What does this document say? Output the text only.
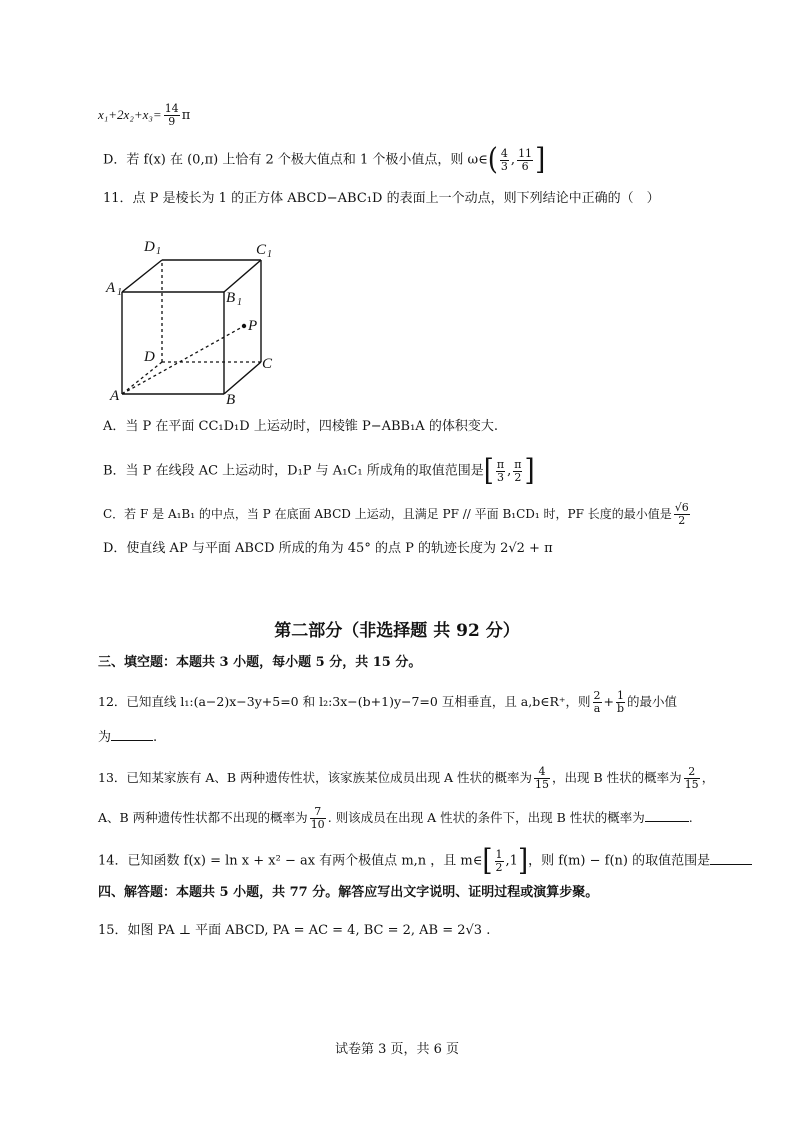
$x_1+2x_2+x_3= \frac{14}{9}$ π
D．若 f(x) 在 (0,π) 上恰有 2 个极大值点和 1 个极小值点，则 ω∈( $\frac{4}{3}$ , $\frac{11}{6}$ ]
11．点 P 是棱长为 1 的正方体 ABCD−ABC₁D 的表面上一个动点，则下列结论中正确的（　）
D 1	C 1
A 1	B 1
P
D	C
A	B
A．当 P 在平面 CC₁D₁D 上运动时，四棱锥 P−ABB₁A 的体积变大.
B．当 P 在线段 AC 上运动时，D₁P 与 A₁C₁ 所成角的取值范围是[ $\frac{\pi}{3}$ , $\frac{\pi}{2}$ ]
C．若 F 是 A₁B₁ 的中点，当 P 在底面 ABCD 上运动，且满足 PF // 平面 B₁CD₁ 时，PF 长度的最小值是 $\frac{√6}{2}$
D．使直线 AP 与平面 ABCD 所成的角为 45° 的点 P 的轨迹长度为 2√2 + π
第二部分（非选择题 共 92 分）
三、填空题：本题共 3 小题，每小题 5 分，共 15 分。
12．已知直线 l₁:(a−2)x−3y+5=0 和 l₂:3x−(b+1)y−7=0 互相垂直，且 a,b∈R⁺，则 $\frac{2}{a} + \frac{1}{b}$ 的最小值
为	.
13．已知某家族有 A、B 两种遗传性状，该家族某位成员出现 A 性状的概率为 $\frac{4}{15}$ ，出现 B 性状的概率为 $\frac{2}{15}$ ，
A、B 两种遗传性状都不出现的概率为 $\frac{7}{10}$ . 则该成员在出现 A 性状的条件下，出现 B 性状的概率为	.
14．已知函数 f(x) = ln x + x² − ax 有两个极值点 m,n ，且 m∈[ $\frac{1}{2} ,1$]，则 f(m) − f(n) 的取值范围是
四、解答题：本题共 5 小题，共 77 分。解答应写出文字说明、证明过程或演算步聚。
15．如图 PA ⊥ 平面 ABCD, PA = AC = 4, BC = 2, AB = 2√3 .
试卷第 3 页，共 6 页
